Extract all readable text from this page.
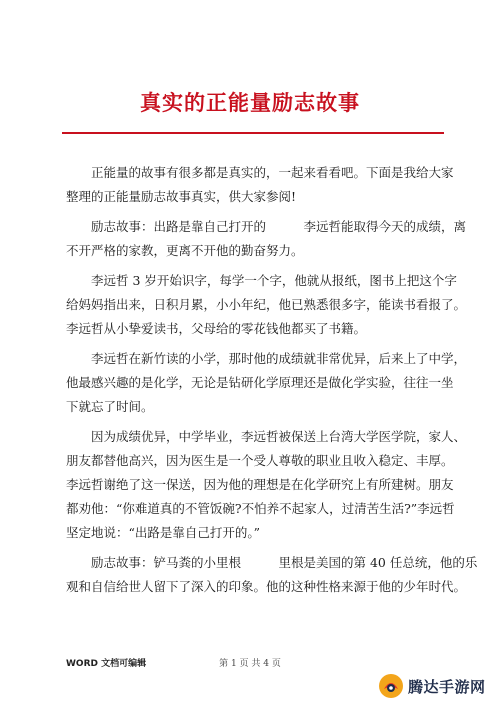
真实的正能量励志故事

正能量的故事有很多都是真实的，一起来看看吧。下面是我给大家
整理的正能量励志故事真实，供大家参阅!

励志故事：出路是靠自己打开的　　　李远哲能取得今天的成绩，离
不开严格的家教，更离不开他的勤奋努力。

李远哲 3 岁开始识字，每学一个字，他就从报纸，图书上把这个字
给妈妈指出来，日积月累，小小年纪，他已熟悉很多字，能读书看报了。
李远哲从小挚爱读书，父母给的零花钱他都买了书籍。

李远哲在新竹读的小学，那时他的成绩就非常优异，后来上了中学，
他最感兴趣的是化学，无论是钻研化学原理还是做化学实验，往往一坐
下就忘了时间。

因为成绩优异，中学毕业，李远哲被保送上台湾大学医学院，家人、
朋友都替他高兴，因为医生是一个受人尊敬的职业且收入稳定、丰厚。
李远哲谢绝了这一保送，因为他的理想是在化学研究上有所建树。朋友
都劝他：“你难道真的不管饭碗?不怕养不起家人，过清苦生活?”李远哲
坚定地说：“出路是靠自己打开的。”

励志故事：铲马粪的小里根　　　里根是美国的第 40 任总统，他的乐
观和自信给世人留下了深入的印象。他的这种性格来源于他的少年时代。

WORD 文档可编辑	第 1 页 共 4 页
腾达手游网
